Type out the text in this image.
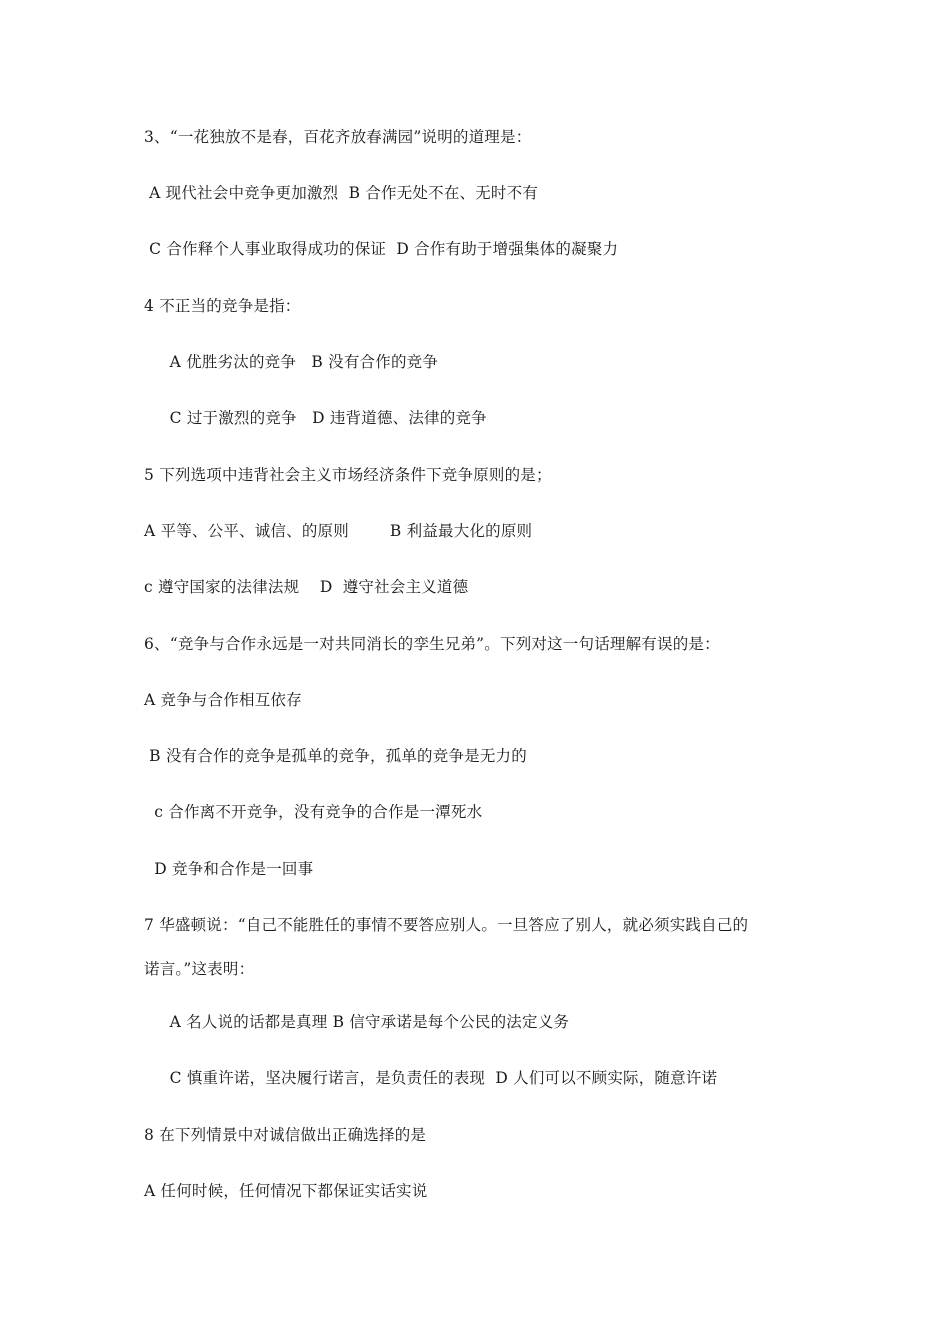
3、“一花独放不是春，百花齐放春满园”说明的道理是：
A 现代社会中竞争更加激烈  B 合作无处不在、无时不有
C 合作释个人事业取得成功的保证  D 合作有助于增强集体的凝聚力
4 不正当的竞争是指：
A 优胜劣汰的竞争   B 没有合作的竞争
C 过于激烈的竞争   D 违背道德、法律的竞争
5 下列选项中违背社会主义市场经济条件下竞争原则的是；
A 平等、公平、诚信、的原则        B 利益最大化的原则
c 遵守国家的法律法规    D  遵守社会主义道德
6、“竞争与合作永远是一对共同消长的孪生兄弟”。下列对这一句话理解有误的是：
A 竞争与合作相互依存
B 没有合作的竞争是孤单的竞争，孤单的竞争是无力的
c 合作离不开竞争，没有竞争的合作是一潭死水
D 竞争和合作是一回事
7 华盛顿说：“自己不能胜任的事情不要答应别人。一旦答应了别人，就必须实践自己的
诺言。”这表明：
A 名人说的话都是真理 B 信守承诺是每个公民的法定义务
C 慎重许诺，坚决履行诺言，是负责任的表现  D 人们可以不顾实际，随意许诺
8 在下列情景中对诚信做出正确选择的是
A 任何时候，任何情况下都保证实话实说
